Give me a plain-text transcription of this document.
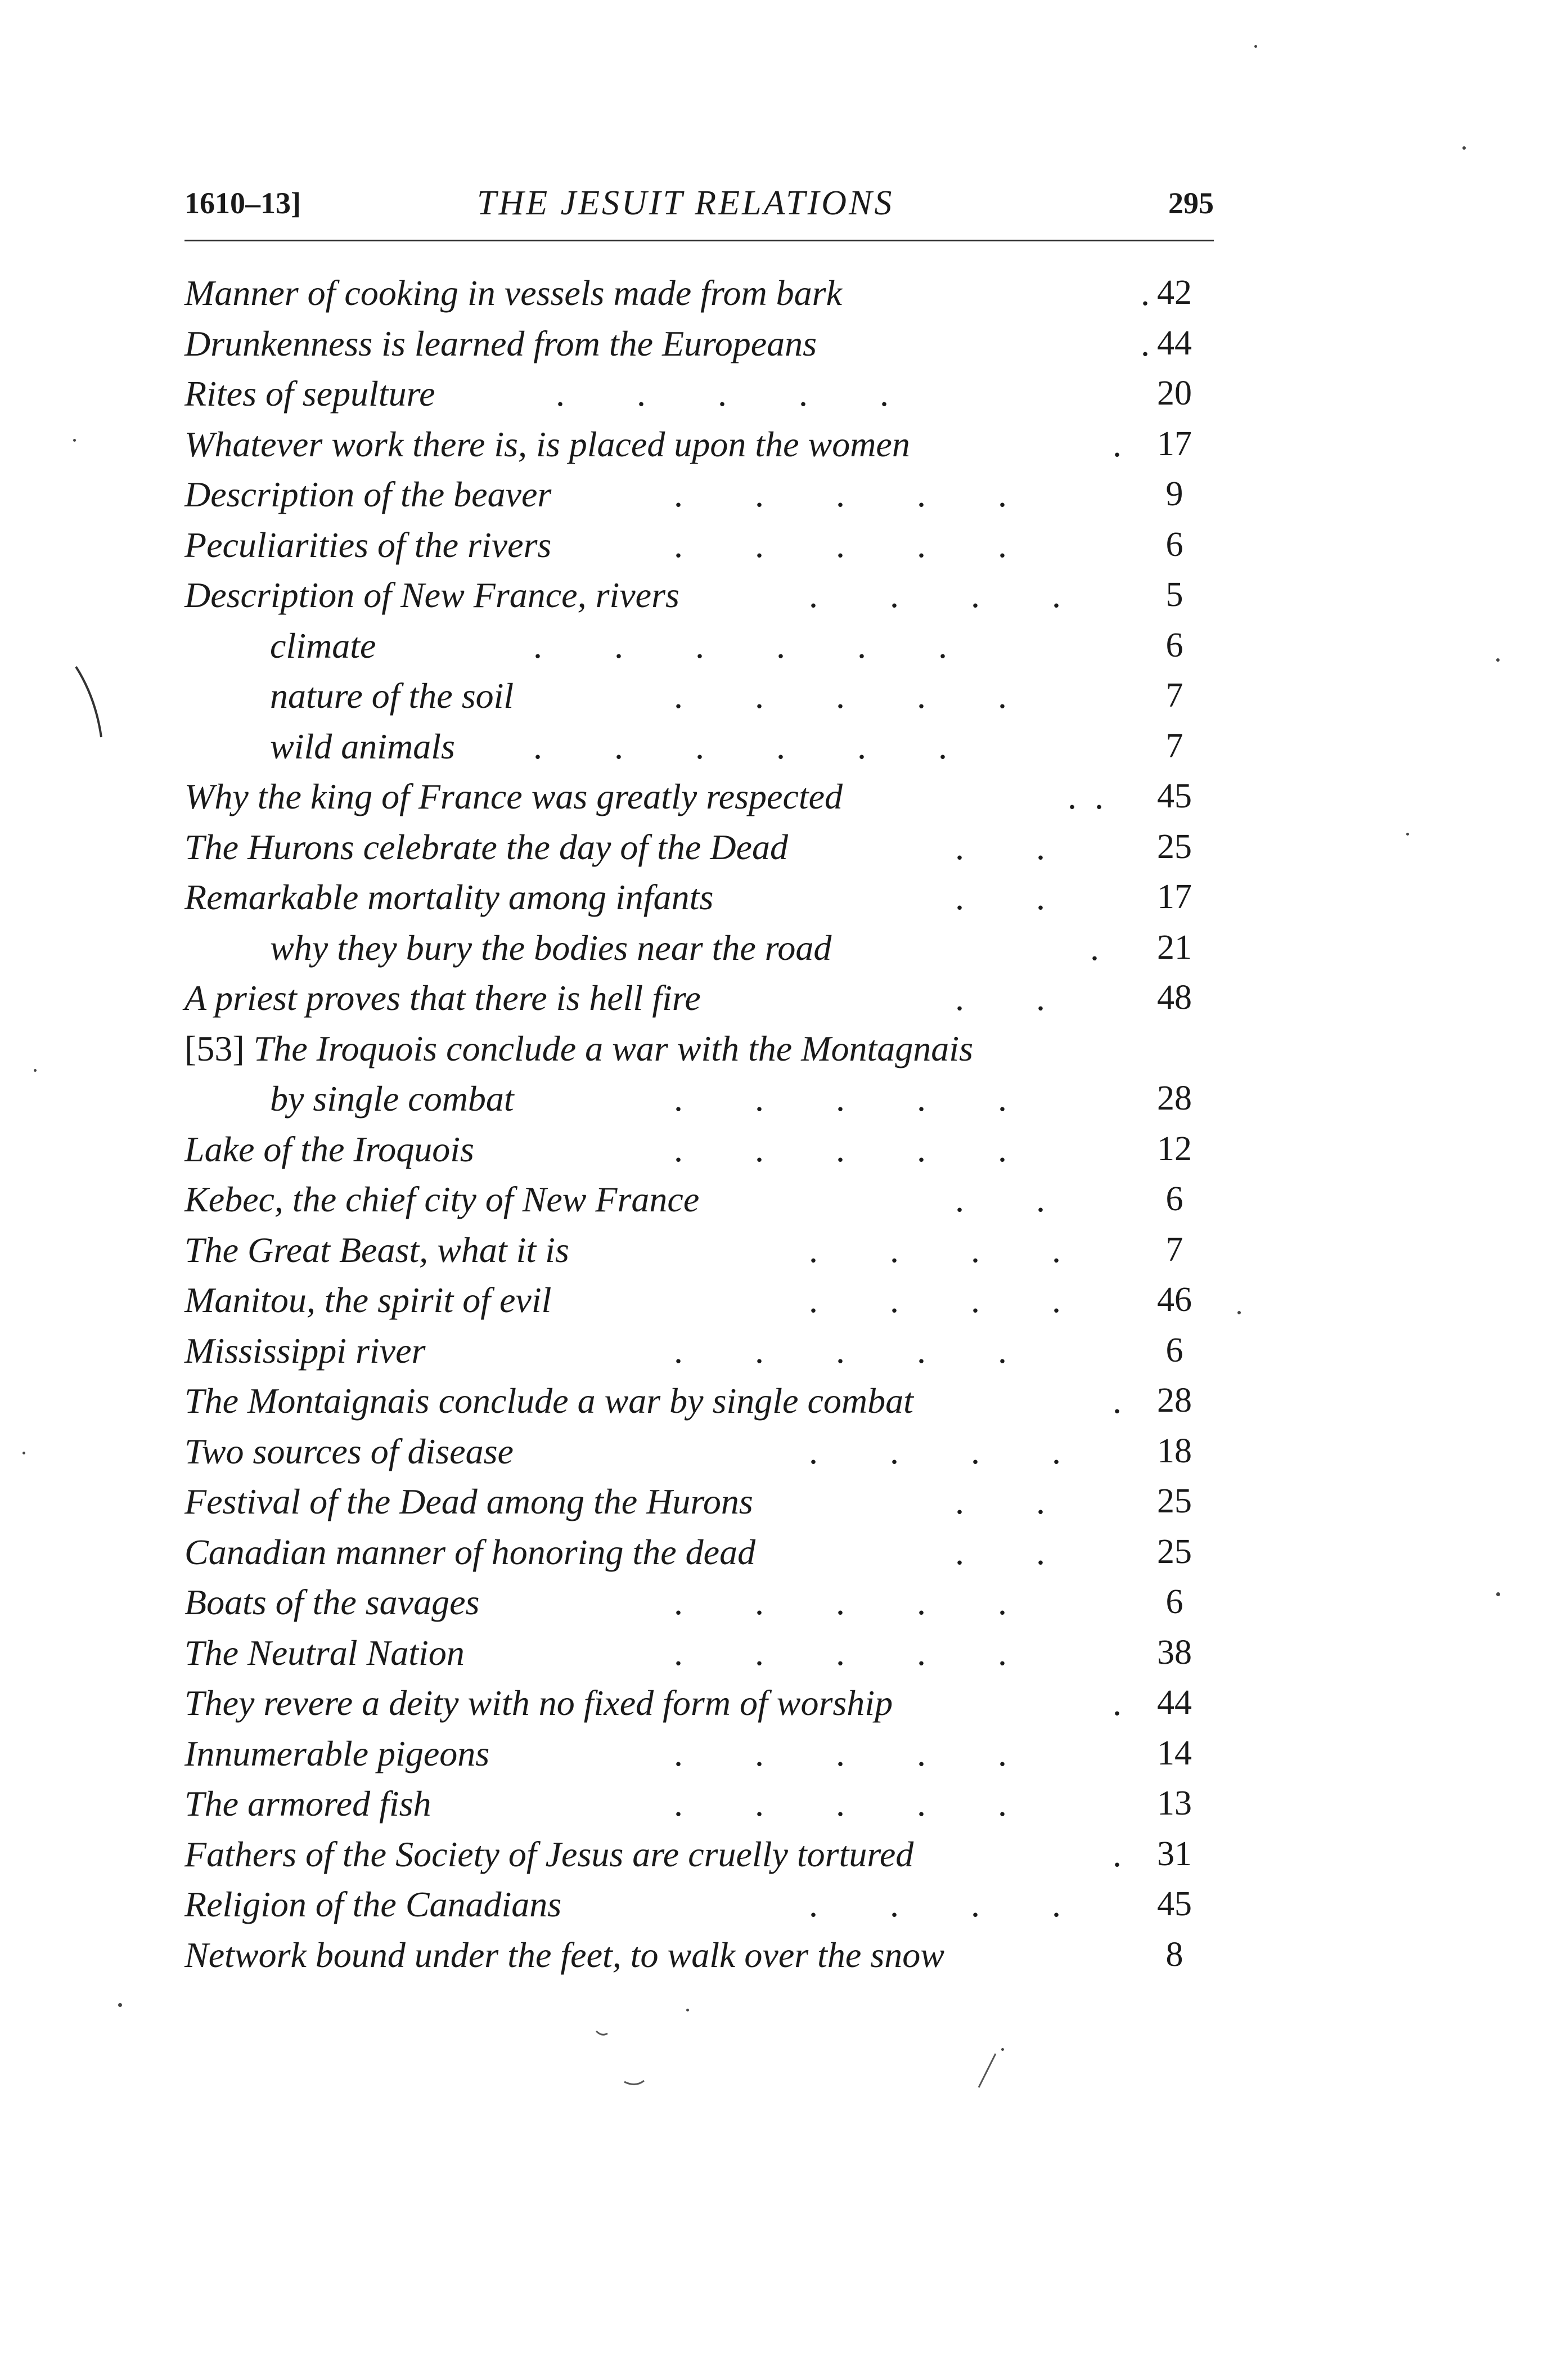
1610–13]	THE JESUIT RELATIONS	295
Manner of cooking in vessels made from bark	. 42
Drunkenness is learned from the Europeans	. 44
Rites of sepulture	.        .        .        .        .	20
Whatever work there is, is placed upon the women	.	17
Description of the beaver	.        .        .        .        .	9
Peculiarities of the rivers	.        .        .        .        .	6
Description of New France, rivers	.        .        .        .	5
climate	.        .        .        .        .        .	6
nature of the soil	.        .        .        .        .	7
wild animals .        .        .        .        .        .	7
Why the king of France was greatly respected	.  .	45
The Hurons celebrate the day of the Dead	.        .	25
Remarkable mortality among infants	.        .	17
why they bury the bodies near the road	.	21
A priest proves that there is hell fire	.        .	48
[53] The Iroquois conclude a war with the Montagnais
by single combat	.        .        .        .        .	28
Lake of the Iroquois	.        .        .        .        .	12
Kebec, the chief city of New France	.        .	6
The Great Beast, what it is	.        .        .        .	7
Manitou, the spirit of evil	.        .        .        .	46
Mississippi river	.        .        .        .        .	6
The Montaignais conclude a war by single combat	.	28
Two sources of disease	.        .        .        .	18
Festival of the Dead among the Hurons	.        .	25
Canadian manner of honoring the dead	.        .	25
Boats of the savages	.        .        .        .        .	6
The Neutral Nation	.        .        .        .        .	38
They revere a deity with no fixed form of worship	.	44
Innumerable pigeons	.        .        .        .        .	14
The armored fish	.        .        .        .        .	13
Fathers of the Society of Jesus are cruelly tortured	.	31
Religion of the Canadians	.        .        .        .	45
Network bound under the feet, to walk over the snow	8
